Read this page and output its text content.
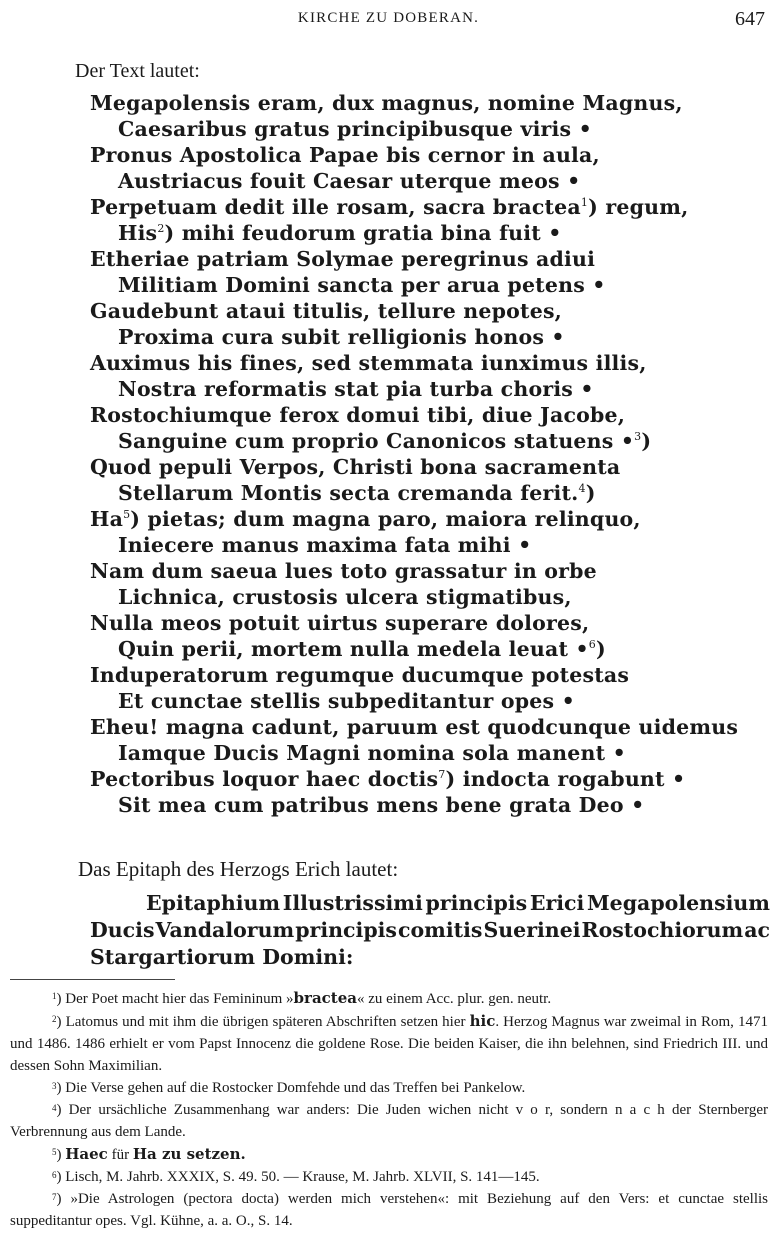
KIRCHE ZU DOBERAN.	647
Der Text lautet:
Megapolensis eram, dux magnus, nomine Magnus,
Caesaribus gratus principibusque viris •
Pronus Apostolica Papae bis cernor in aula,
Austriacus fouit Caesar uterque meos •
Perpetuam dedit ille rosam, sacra bractea$^1$) regum,
His$^2$) mihi feudorum gratia bina fuit •
Etheriae patriam Solymae peregrinus adiui
Militiam Domini sancta per arua petens •
Gaudebunt ataui titulis, tellure nepotes,
Proxima cura subit relligionis honos •
Auximus his fines, sed stemmata iunximus illis,
Nostra reformatis stat pia turba choris •
Rostochiumque ferox domui tibi, diue Jacobe,
Sanguine cum proprio Canonicos statuens •$^3$)
Quod pepuli Verpos, Christi bona sacramenta
Stellarum Montis secta cremanda ferit.$^4$)
Ha$^5$) pietas; dum magna paro, maiora relinquo,
Iniecere manus maxima fata mihi •
Nam dum saeua lues toto grassatur in orbe
Lichnica, crustosis ulcera stigmatibus,
Nulla meos potuit uirtus superare dolores,
Quin perii, mortem nulla medela leuat •$^6$)
Induperatorum regumque ducumque potestas
Et cunctae stellis subpeditantur opes •
Eheu! magna cadunt, paruum est quodcunque uidemus
Iamque Ducis Magni nomina sola manent •
Pectoribus loquor haec doctis$^7$) indocta rogabunt •
Sit mea cum patribus mens bene grata Deo •
Das Epitaph des Herzogs Erich lautet:
Epitaphium Illustrissimi principis Erici Megapolensium
Ducis Vandalorum principis comitis Suerinei Rostochiorum ac
Stargartiorum Domini:

$^1$) Der Poet macht hier das Femininum »bractea« zu einem Acc. plur. gen. neutr.

$^2$) Latomus und mit ihm die übrigen späteren Abschriften setzen hier hic. Herzog Magnus war zweimal in Rom, 1471 und 1486. 1486 erhielt er vom Papst Innocenz die goldene Rose. Die beiden Kaiser, die ihn belehnen, sind Friedrich III. und dessen Sohn Maximilian.

$^3$) Die Verse gehen auf die Rostocker Domfehde und das Treffen bei Pankelow.

$^4$) Der ursächliche Zusammenhang war anders: Die Juden wichen nicht v o r, sondern n a c h der Sternberger Verbrennung aus dem Lande.

$^5$) Haec für Ha zu setzen.

$^6$) Lisch, M. Jahrb. XXXIX, S. 49. 50. — Krause, M. Jahrb. XLVII, S. 141—145.

$^7$) »Die Astrologen (pectora docta) werden mich verstehen«: mit Beziehung auf den Vers: et cunctae stellis suppeditantur opes. Vgl. Kühne, a. a. O., S. 14.
